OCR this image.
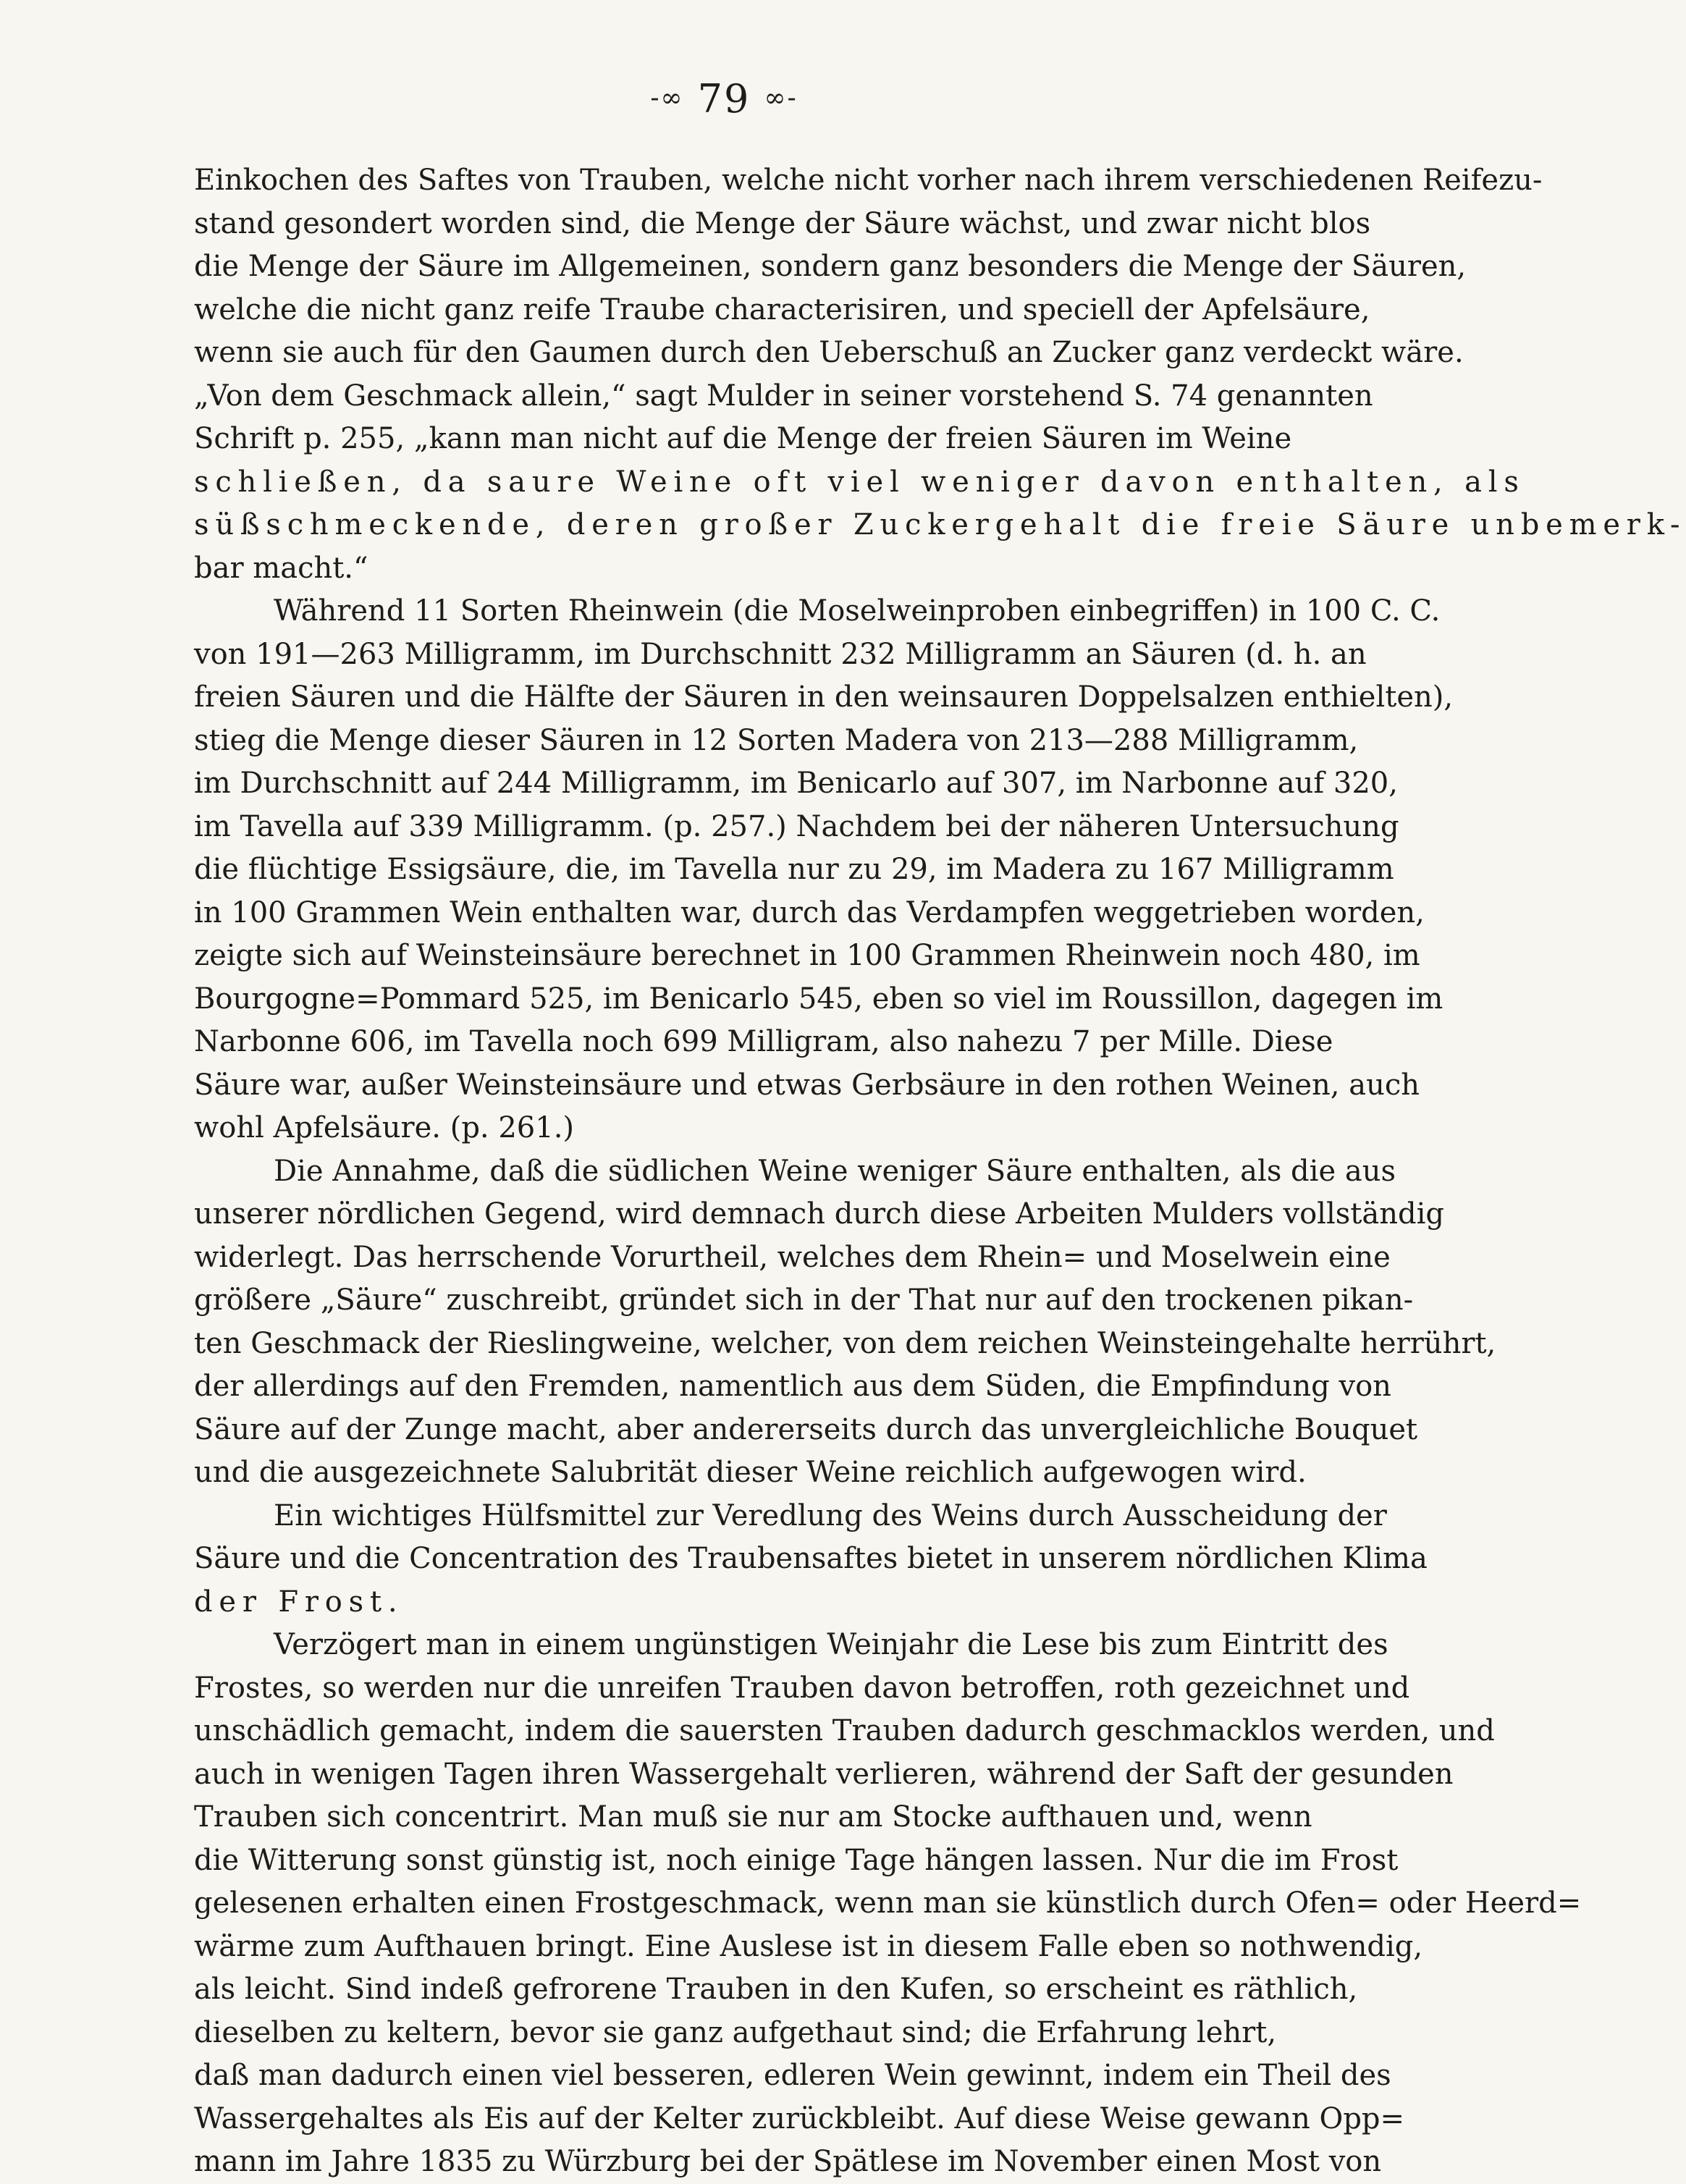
-∞ 79 ∞-
Einkochen des Saftes von Trauben, welche nicht vorher nach ihrem verschiedenen Reifezu-
stand gesondert worden sind, die Menge der Säure wächst, und zwar nicht blos
die Menge der Säure im Allgemeinen, sondern ganz besonders die Menge der Säuren,
welche die nicht ganz reife Traube characterisiren, und speciell der Apfelsäure,
wenn sie auch für den Gaumen durch den Ueberschuß an Zucker ganz verdeckt wäre.
„Von dem Geschmack allein,“ sagt Mulder in seiner vorstehend S. 74 genannten
Schrift p. 255, „kann man nicht auf die Menge der freien Säuren im Weine
schließen, da saure Weine oft viel weniger davon enthalten, als
süßschmeckende, deren großer Zuckergehalt die freie Säure unbemerk-
bar macht.“
Während 11 Sorten Rheinwein (die Moselweinproben einbegriffen) in 100 C. C.
von 191—263 Milligramm, im Durchschnitt 232 Milligramm an Säuren (d. h. an
freien Säuren und die Hälfte der Säuren in den weinsauren Doppelsalzen enthielten),
stieg die Menge dieser Säuren in 12 Sorten Madera von 213—288 Milligramm,
im Durchschnitt auf 244 Milligramm, im Benicarlo auf 307, im Narbonne auf 320,
im Tavella auf 339 Milligramm. (p. 257.) Nachdem bei der näheren Untersuchung
die flüchtige Essigsäure, die, im Tavella nur zu 29, im Madera zu 167 Milligramm
in 100 Grammen Wein enthalten war, durch das Verdampfen weggetrieben worden,
zeigte sich auf Weinsteinsäure berechnet in 100 Grammen Rheinwein noch 480, im
Bourgogne=Pommard 525, im Benicarlo 545, eben so viel im Roussillon, dagegen im
Narbonne 606, im Tavella noch 699 Milligram, also nahezu 7 per Mille. Diese
Säure war, außer Weinsteinsäure und etwas Gerbsäure in den rothen Weinen, auch
wohl Apfelsäure. (p. 261.)
Die Annahme, daß die südlichen Weine weniger Säure enthalten, als die aus
unserer nördlichen Gegend, wird demnach durch diese Arbeiten Mulders vollständig
widerlegt. Das herrschende Vorurtheil, welches dem Rhein= und Moselwein eine
größere „Säure“ zuschreibt, gründet sich in der That nur auf den trockenen pikan-
ten Geschmack der Rieslingweine, welcher, von dem reichen Weinsteingehalte herrührt,
der allerdings auf den Fremden, namentlich aus dem Süden, die Empfindung von
Säure auf der Zunge macht, aber andererseits durch das unvergleichliche Bouquet
und die ausgezeichnete Salubrität dieser Weine reichlich aufgewogen wird.
Ein wichtiges Hülfsmittel zur Veredlung des Weins durch Ausscheidung der
Säure und die Concentration des Traubensaftes bietet in unserem nördlichen Klima
der Frost.
Verzögert man in einem ungünstigen Weinjahr die Lese bis zum Eintritt des
Frostes, so werden nur die unreifen Trauben davon betroffen, roth gezeichnet und
unschädlich gemacht, indem die sauersten Trauben dadurch geschmacklos werden, und
auch in wenigen Tagen ihren Wassergehalt verlieren, während der Saft der gesunden
Trauben sich concentrirt. Man muß sie nur am Stocke aufthauen und, wenn
die Witterung sonst günstig ist, noch einige Tage hängen lassen. Nur die im Frost
gelesenen erhalten einen Frostgeschmack, wenn man sie künstlich durch Ofen= oder Heerd=
wärme zum Aufthauen bringt. Eine Auslese ist in diesem Falle eben so nothwendig,
als leicht. Sind indeß gefrorene Trauben in den Kufen, so erscheint es räthlich,
dieselben zu keltern, bevor sie ganz aufgethaut sind; die Erfahrung lehrt,
daß man dadurch einen viel besseren, edleren Wein gewinnt, indem ein Theil des
Wassergehaltes als Eis auf der Kelter zurückbleibt. Auf diese Weise gewann Opp=
mann im Jahre 1835 zu Würzburg bei der Spätlese im November einen Most von
